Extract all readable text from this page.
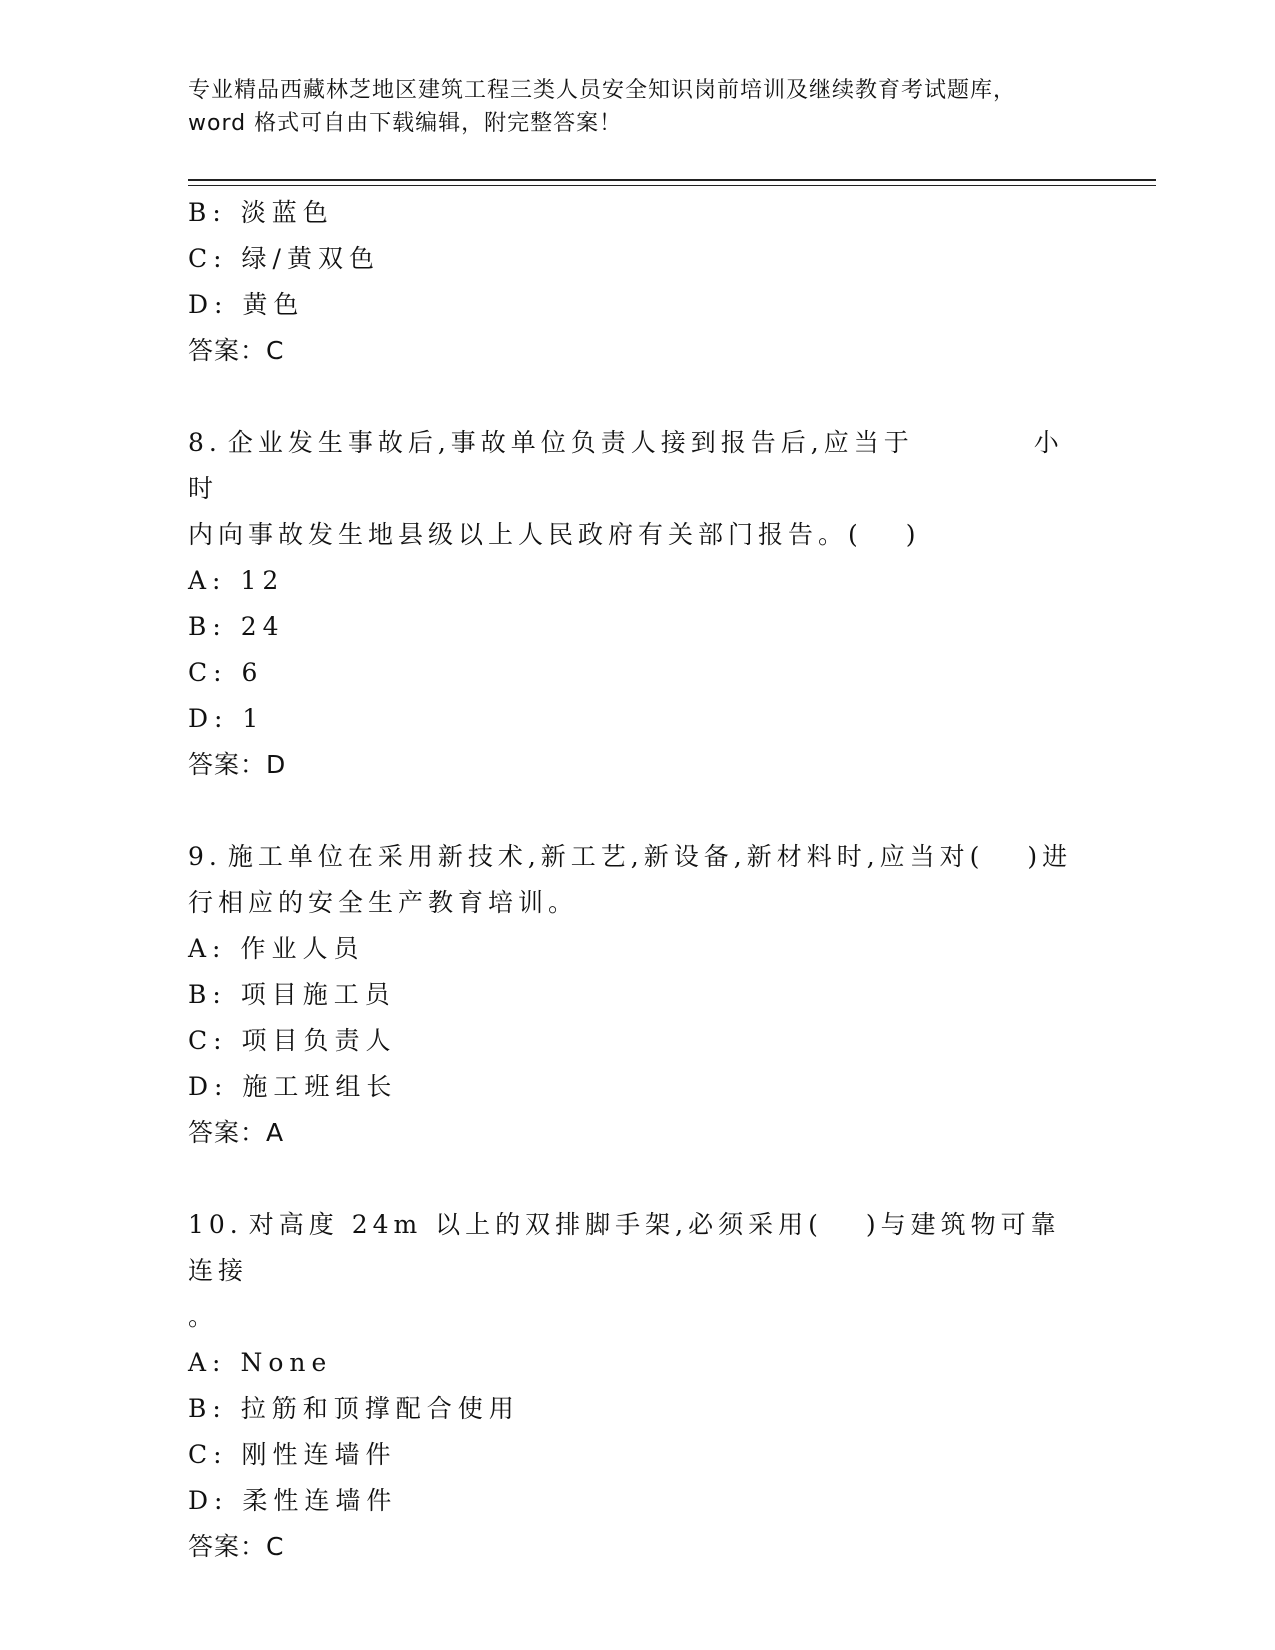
专业精品西藏林芝地区建筑工程三类人员安全知识岗前培训及继续教育考试题库，
word 格式可自由下载编辑，附完整答案！
B: 淡蓝色
C: 绿/黄双色
D: 黄色
答案：C
8. 企业发生事故后,事故单位负责人接到报告后,应当于　　　　小时
内向事故发生地县级以上人民政府有关部门报告。(　 )
A: 12
B: 24
C: 6
D: 1
答案：D
9. 施工单位在采用新技术,新工艺,新设备,新材料时,应当对(　 )进
行相应的安全生产教育培训。
A: 作业人员
B: 项目施工员
C: 项目负责人
D: 施工班组长
答案：A
10. 对高度 24m 以上的双排脚手架,必须采用(　 )与建筑物可靠连接
。
A: None
B: 拉筋和顶撑配合使用
C: 刚性连墙件
D: 柔性连墙件
答案：C
